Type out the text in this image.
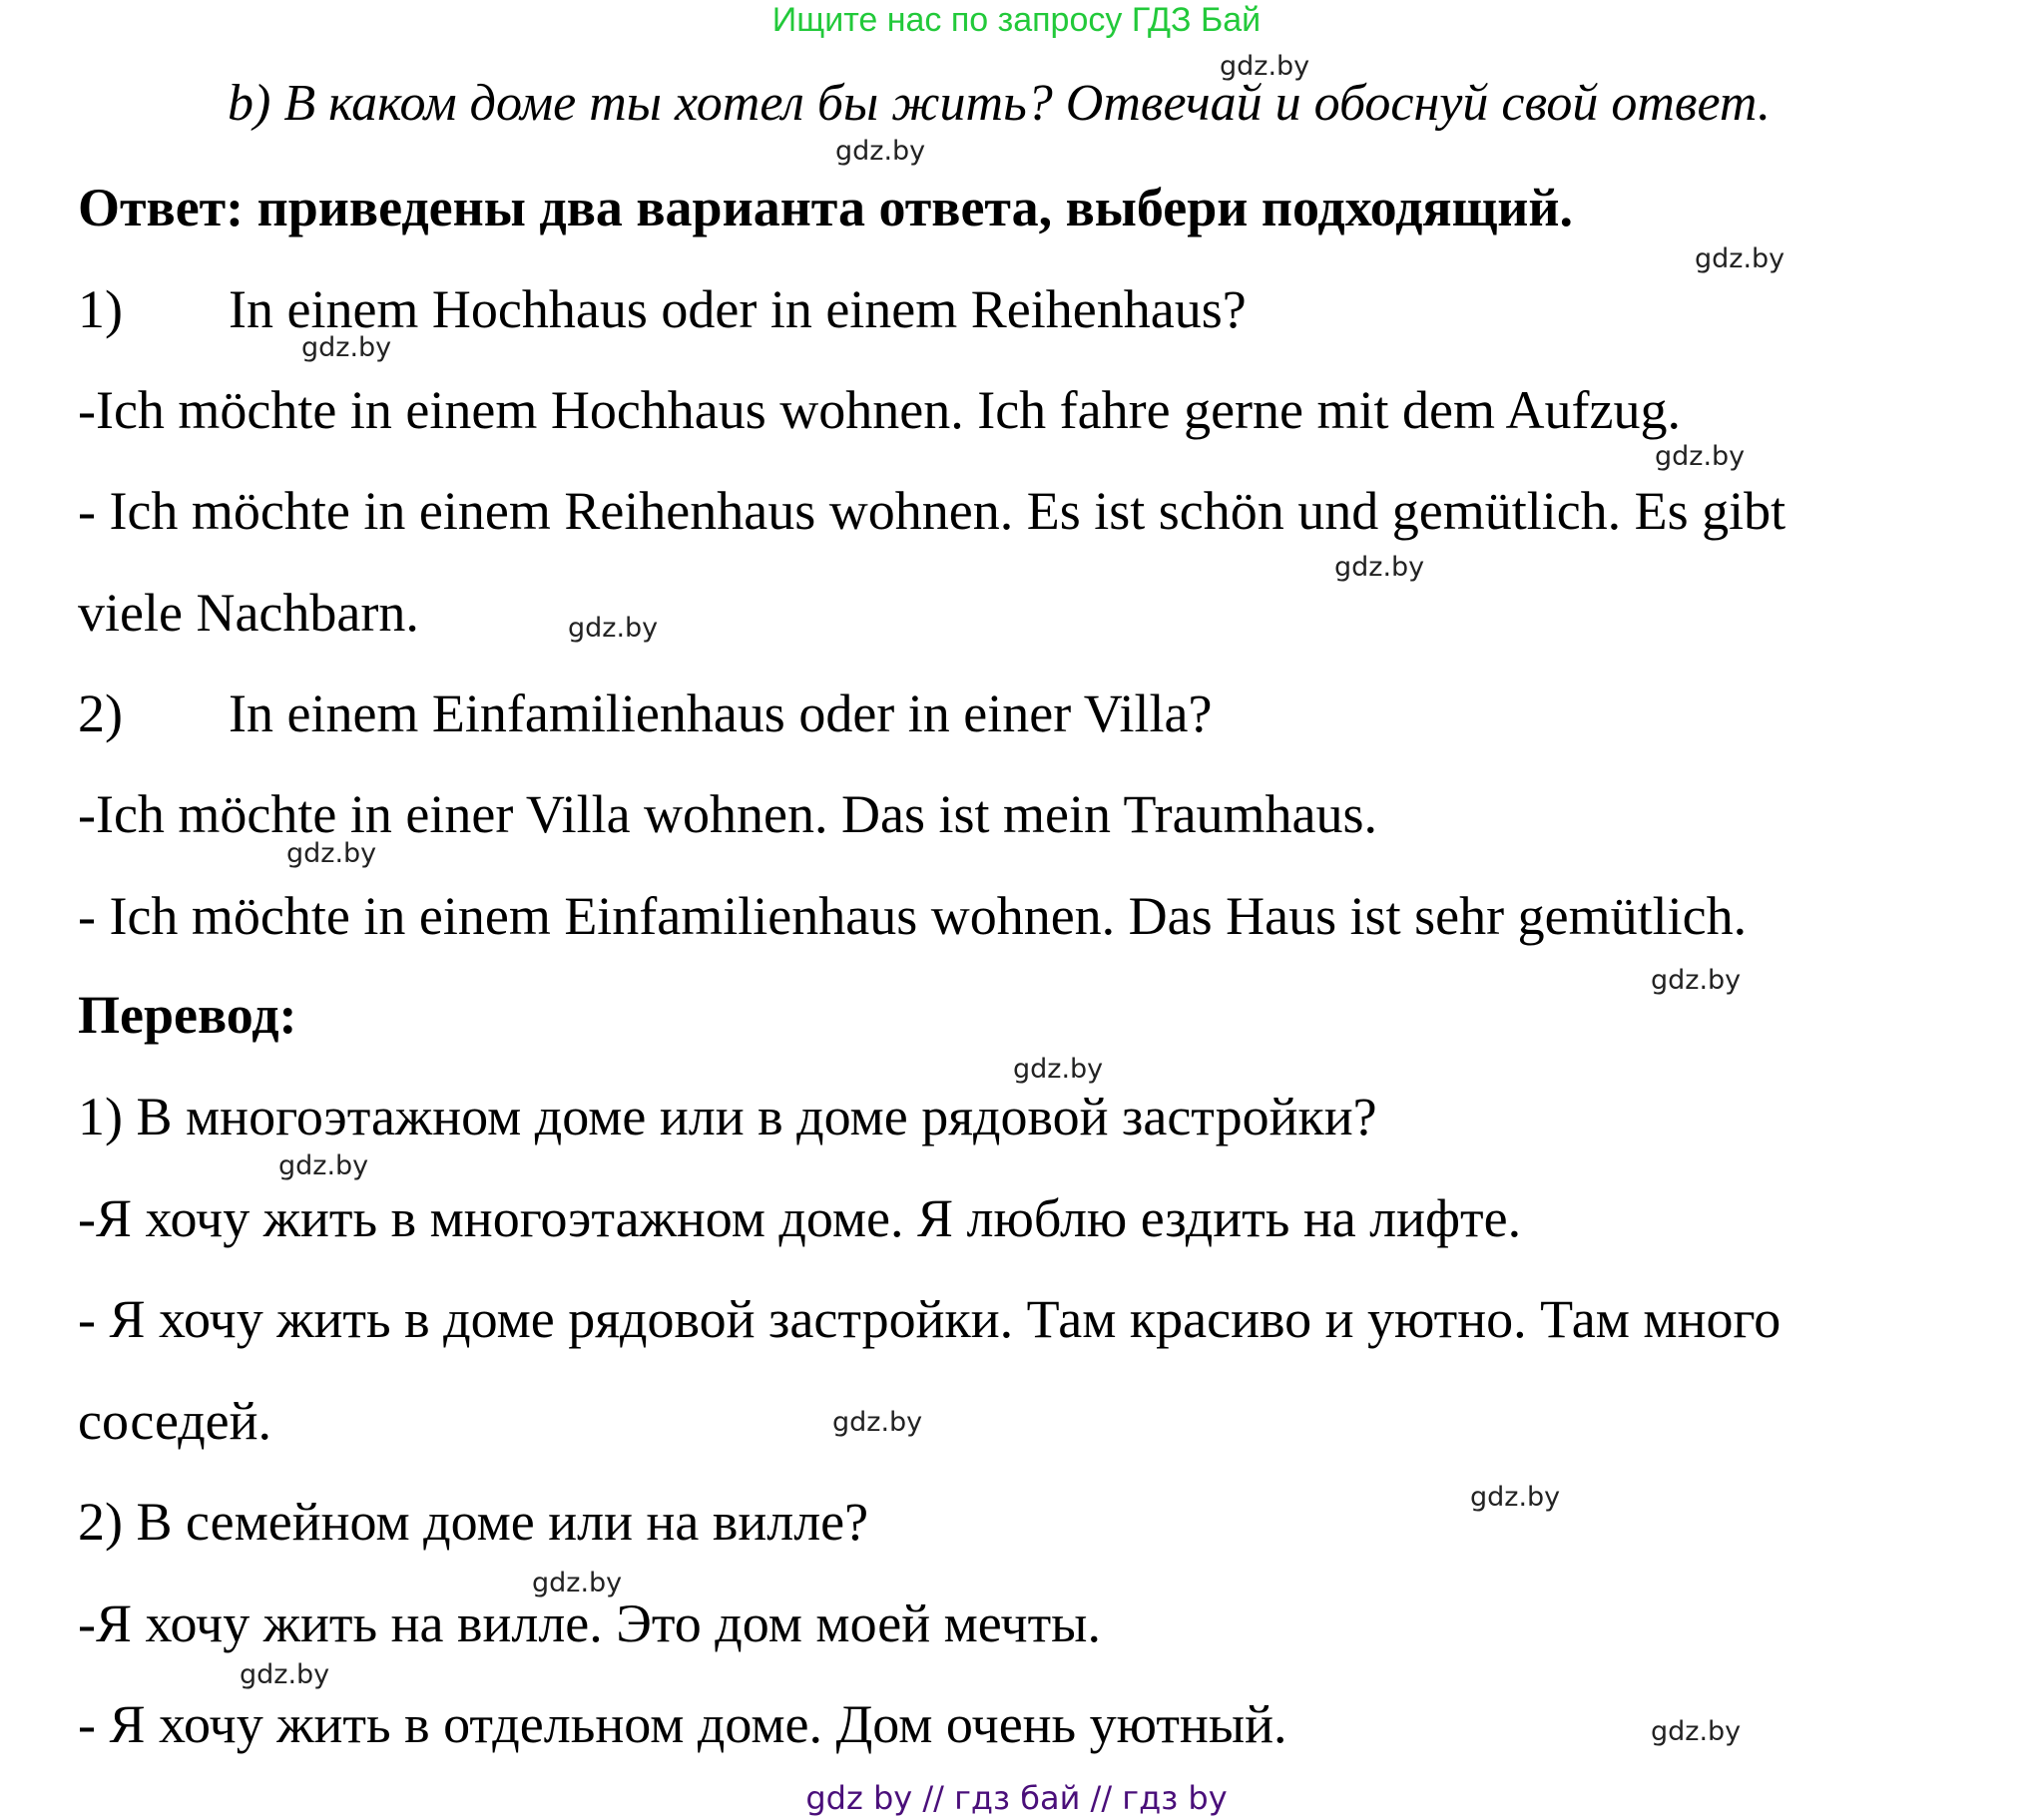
Ищите нас по запросу ГДЗ Бай
gdz.by
b) В каком доме ты хотел бы жить? Отвечай и обоснуй свой ответ.
gdz.by
Ответ: приведены два варианта ответа, выбери подходящий.
gdz.by
1) In einem Hochhaus oder in einem Reihenhaus?
gdz.by
-Ich möchte in einem Hochhaus wohnen. Ich fahre gerne mit dem Aufzug.
gdz.by
- Ich möchte in einem Reihenhaus wohnen. Es ist schön und gemütlich. Es gibt
gdz.by
viele Nachbarn.	gdz.by
2) In einem Einfamilienhaus oder in einer Villa?
-Ich möchte in einer Villa wohnen. Das ist mein Traumhaus.
gdz.by
- Ich möchte in einem Einfamilienhaus wohnen. Das Haus ist sehr gemütlich.
gdz.by
Перевод:
gdz.by
1) В многоэтажном доме или в доме рядовой застройки?
gdz.by
-Я хочу жить в многоэтажном доме. Я люблю ездить на лифте.
- Я хочу жить в доме рядовой застройки. Там красиво и уютно. Там много
соседей.	gdz.by
gdz.by
2) В семейном доме или на вилле?
gdz.by
-Я хочу жить на вилле. Это дом моей мечты.
gdz.by
- Я хочу жить в отдельном доме. Дом очень уютный.	gdz.by
gdz by // гдз бай // гдз by
